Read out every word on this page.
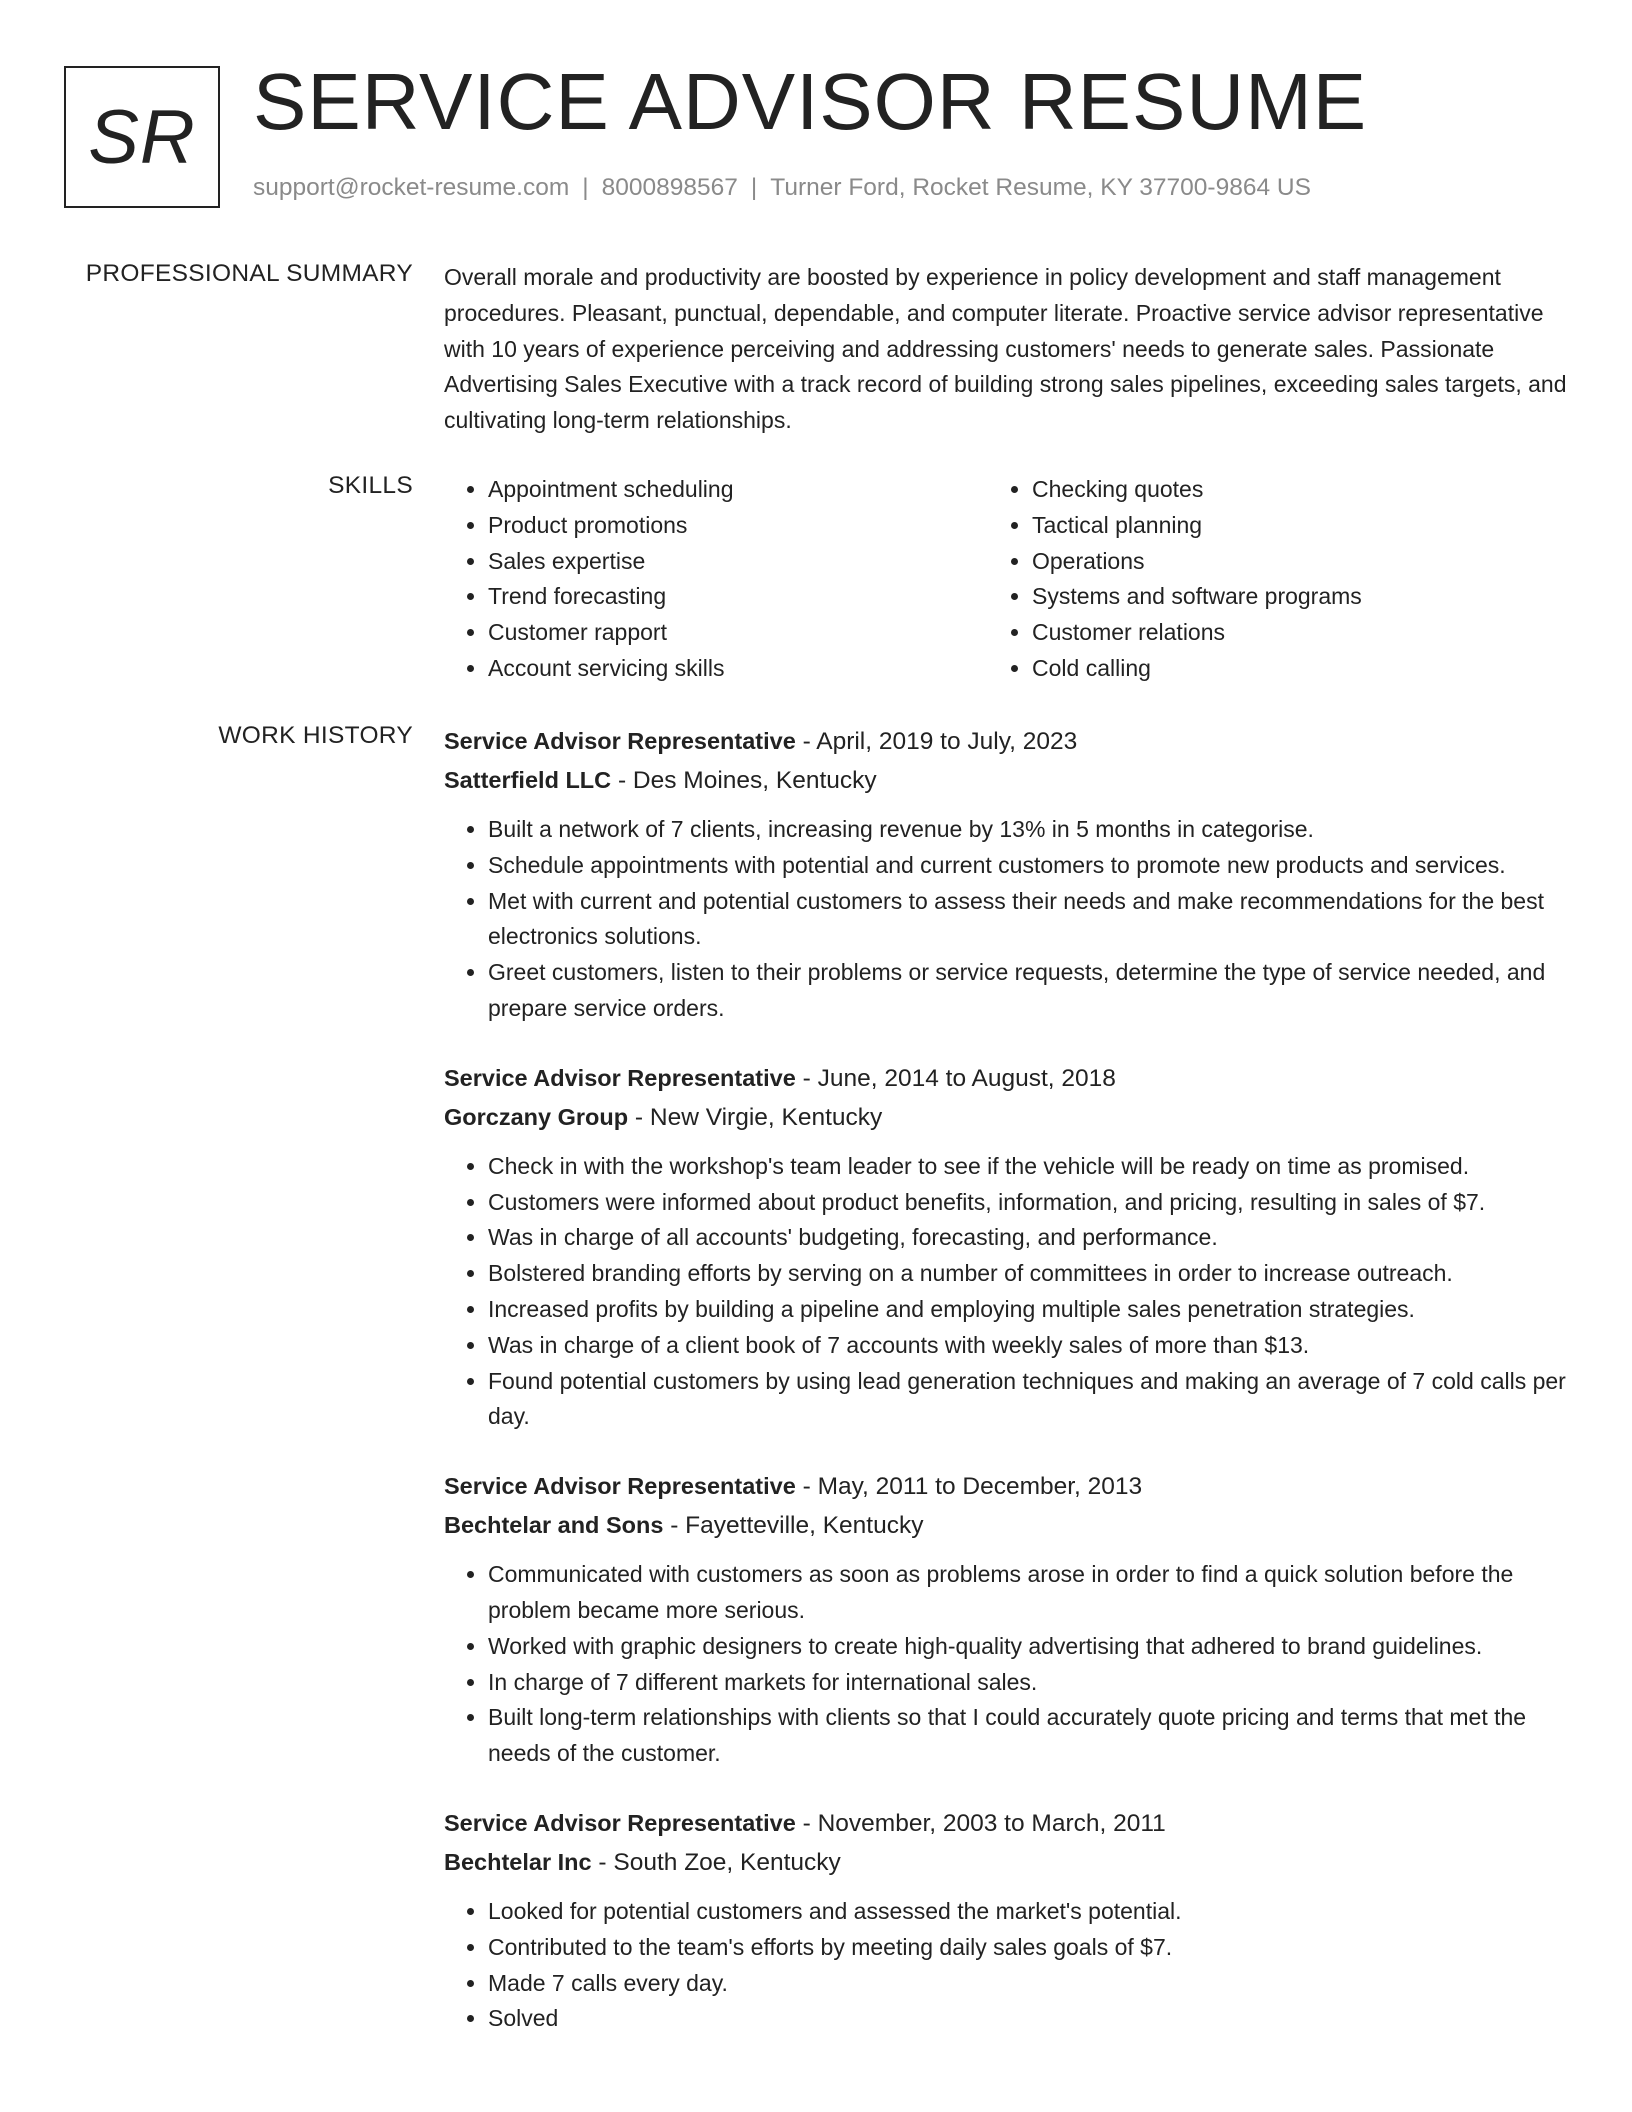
SR SERVICE ADVISOR RESUME
support@rocket-resume.com | 8000898567 | Turner Ford, Rocket Resume, KY 37700-9864 US
PROFESSIONAL SUMMARY Overall morale and productivity are boosted by experience in policy development and staff management procedures. Pleasant, punctual, dependable, and computer literate. Proactive service advisor representative with 10 years of experience perceiving and addressing customers' needs to generate sales. Passionate Advertising Sales Executive with a track record of building strong sales pipelines, exceeding sales targets, and cultivating long-term relationships.

SKILLS
•	Appointment scheduling
• Product promotions
• Sales expertise
• Trend forecasting
• Customer rapport
• Account servicing skills
• Checking quotes
• Tactical planning
• Operations
• Systems and software programs
• Customer relations
• Cold calling
WORK HISTORY Service Advisor Representative - April, 2019 to July, 2023
Satterfield LLC - Des Moines, Kentucky
• Built a network of 7 clients, increasing revenue by 13% in 5 months in categorise.
• Schedule appointments with potential and current customers to promote new products and services.
• Met with current and potential customers to assess their needs and make recommendations for the best electronics solutions.
• Greet customers, listen to their problems or service requests, determine the type of service needed, and prepare service orders.
Service Advisor Representative - June, 2014 to August, 2018
Gorczany Group - New Virgie, Kentucky
• Check in with the workshop's team leader to see if the vehicle will be ready on time as promised.
• Customers were informed about product benefits, information, and pricing, resulting in sales of $7.
• Was in charge of all accounts' budgeting, forecasting, and performance.
• Bolstered branding efforts by serving on a number of committees in order to increase outreach.
• Increased profits by building a pipeline and employing multiple sales penetration strategies.
• Was in charge of a client book of 7 accounts with weekly sales of more than $13.
• Found potential customers by using lead generation techniques and making an average of 7 cold calls per day.
Service Advisor Representative - May, 2011 to December, 2013
Bechtelar and Sons - Fayetteville, Kentucky
• Communicated with customers as soon as problems arose in order to find a quick solution before the problem became more serious.
• Worked with graphic designers to create high-quality advertising that adhered to brand guidelines.
• In charge of 7 different markets for international sales.
• Built long-term relationships with clients so that I could accurately quote pricing and terms that met the needs of the customer.
Service Advisor Representative - November, 2003 to March, 2011
Bechtelar Inc - South Zoe, Kentucky
• Looked for potential customers and assessed the market's potential.
• Contributed to the team's efforts by meeting daily sales goals of $7.
• Made 7 calls every day.
• Solved
